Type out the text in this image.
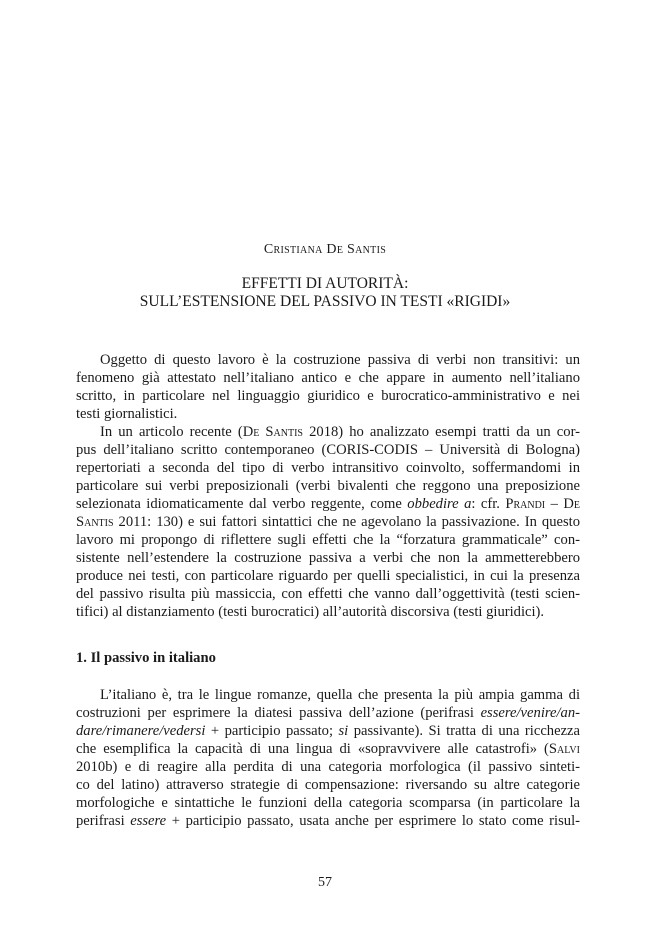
Cristiana De Santis
EFFETTI DI AUTORITÀ:
SULL’ESTENSIONE DEL PASSIVO IN TESTI «RIGIDI»
Oggetto di questo lavoro è la costruzione passiva di verbi non transitivi: un
fenomeno già attestato nell’italiano antico e che appare in aumento nell’italiano
scritto, in particolare nel linguaggio giuridico e burocratico-amministrativo e nei
testi giornalistici.
In un articolo recente (De Santis 2018) ho analizzato esempi tratti da un cor-
pus dell’italiano scritto contemporaneo (CORIS-CODIS – Università di Bologna)
repertoriati a seconda del tipo di verbo intransitivo coinvolto, soffermandomi in
particolare sui verbi preposizionali (verbi bivalenti che reggono una preposizione
selezionata idiomaticamente dal verbo reggente, come obbedire a: cfr. Prandi – De
Santis 2011: 130) e sui fattori sintattici che ne agevolano la passivazione. In questo
lavoro mi propongo di riflettere sugli effetti che la “forzatura grammaticale” con-
sistente nell’estendere la costruzione passiva a verbi che non la ammetterebbero
produce nei testi, con particolare riguardo per quelli specialistici, in cui la presenza
del passivo risulta più massiccia, con effetti che vanno dall’oggettività (testi scien-
tifici) al distanziamento (testi burocratici) all’autorità discorsiva (testi giuridici).
1. Il passivo in italiano
L’italiano è, tra le lingue romanze, quella che presenta la più ampia gamma di
costruzioni per esprimere la diatesi passiva dell’azione (perifrasi essere/venire/an-
dare/rimanere/vedersi + participio passato; si passivante). Si tratta di una ricchezza
che esemplifica la capacità di una lingua di «sopravvivere alle catastrofi» (Salvi
2010b) e di reagire alla perdita di una categoria morfologica (il passivo sinteti-
co del latino) attraverso strategie di compensazione: riversando su altre categorie
morfologiche e sintattiche le funzioni della categoria scomparsa (in particolare la
perifrasi essere + participio passato, usata anche per esprimere lo stato come risul-
57
